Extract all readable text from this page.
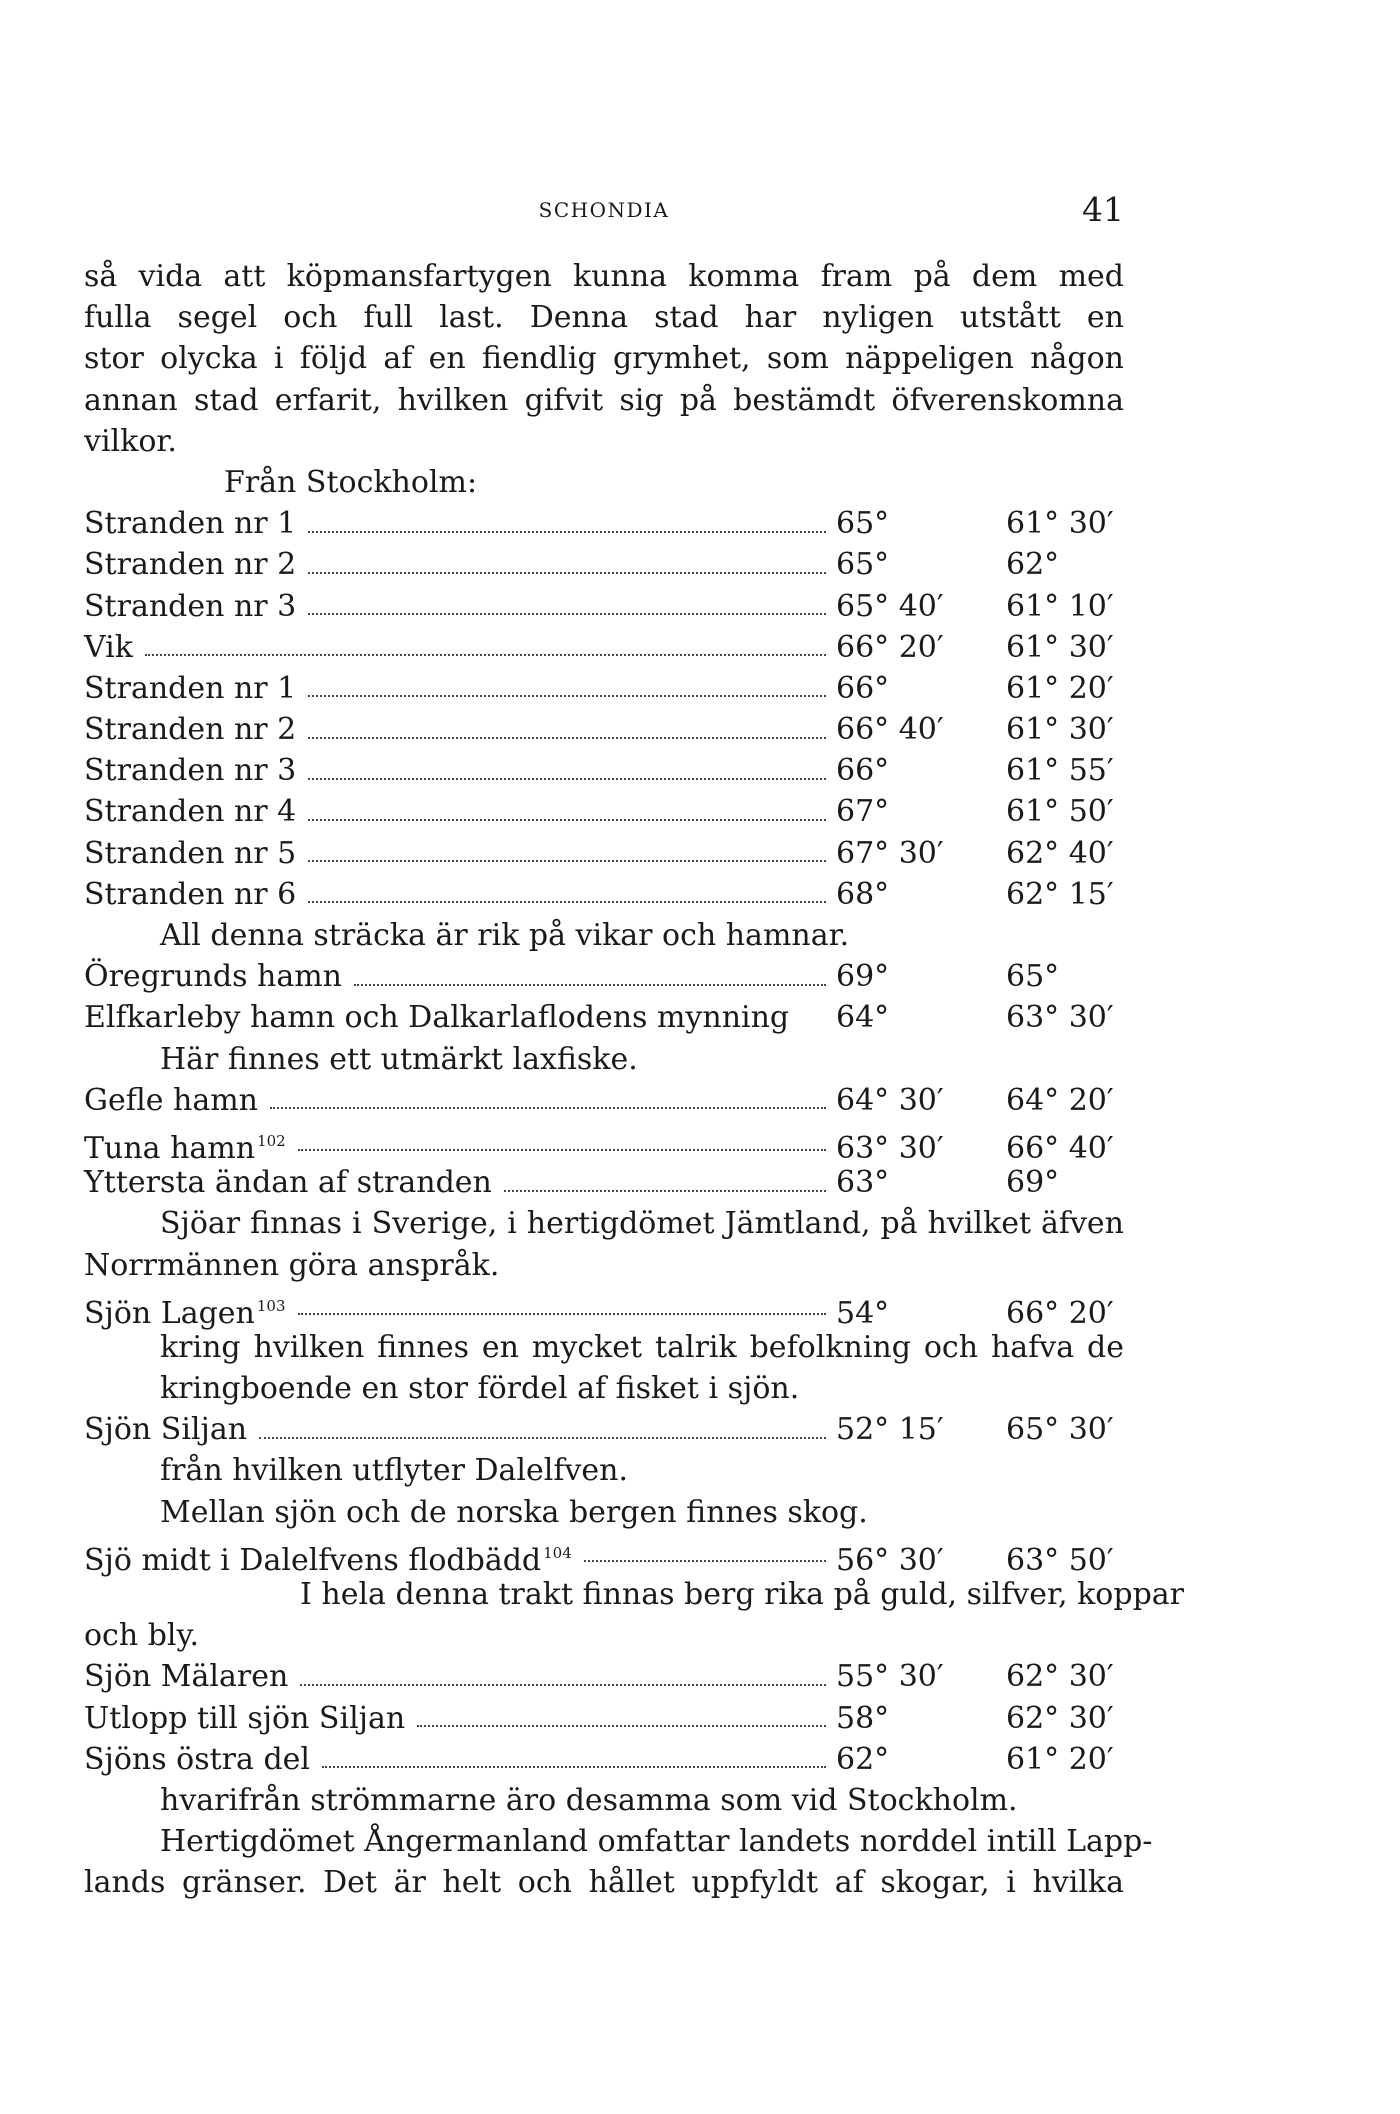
SCHONDIA	41
så vida att köpmansfartygen kunna komma fram på dem med
fulla segel och full last. Denna stad har nyligen utstått en
stor olycka i följd af en fiendlig grymhet, som näppeligen någon
annan stad erfarit, hvilken gifvit sig på bestämdt öfverenskomna
vilkor.
Från Stockholm:
Stranden nr 1	65°	61° 30′
Stranden nr 2	65°	62°
Stranden nr 3	65° 40′	61° 10′
Vik	66° 20′	61° 30′
Stranden nr 1	66°	61° 20′
Stranden nr 2	66° 40′	61° 30′
Stranden nr 3	66°	61° 55′
Stranden nr 4	67°	61° 50′
Stranden nr 5	67° 30′	62° 40′
Stranden nr 6	68°	62° 15′
All denna sträcka är rik på vikar och hamnar.
Öregrunds hamn	69°	65°
Elfkarleby hamn och Dalkarlaflodens mynning 64°	63° 30′
Här finnes ett utmärkt laxfiske.
Gefle hamn	64° 30′	64° 20′
Tuna hamn $^{102}$	63° 30′	66° 40′
Yttersta ändan af stranden	63°	69°
Sjöar finnas i Sverige, i hertigdömet Jämtland, på hvilket äfven
Norrmännen göra anspråk.
Sjön Lagen $^{103}$	54°	66° 20′
kring hvilken finnes en mycket talrik befolkning och hafva de
kringboende en stor fördel af fisket i sjön.
Sjön Siljan	52° 15′	65° 30′
från hvilken utflyter Dalelfven.
Mellan sjön och de norska bergen finnes skog.
Sjö midt i Dalelfvens flodbädd $^{104}$	56° 30′	63° 50′
I hela denna trakt finnas berg rika på guld, silfver, koppar
och bly.
Sjön Mälaren	55° 30′	62° 30′
Utlopp till sjön Siljan	58°	62° 30′
Sjöns östra del	62°	61° 20′
hvarifrån strömmarne äro desamma som vid Stockholm.
Hertigdömet Ångermanland omfattar landets norddel intill Lapp-
lands gränser. Det är helt och hållet uppfyldt af skogar, i hvilka
